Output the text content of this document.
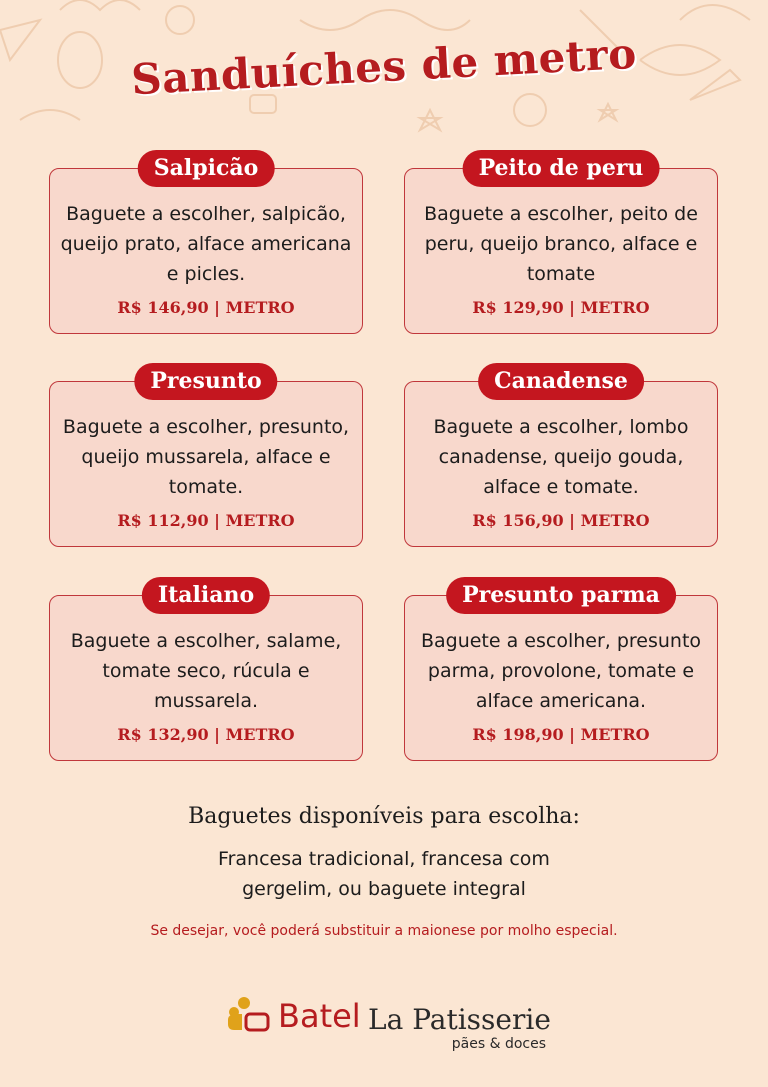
Sanduíches de metro
Salpicão
Baguete a escolher, salpicão, queijo prato, alface americana e picles.
R$ 146,90 | METRO
Peito de peru
Baguete a escolher, peito de peru, queijo branco, alface e tomate
R$ 129,90 | METRO
Presunto
Baguete a escolher, presunto, queijo mussarela, alface e tomate.
R$ 112,90 | METRO
Canadense
Baguete a escolher, lombo canadense, queijo gouda, alface e tomate.
R$ 156,90 | METRO
Italiano
Baguete a escolher, salame, tomate seco, rúcula e mussarela.
R$ 132,90 | METRO
Presunto parma
Baguete a escolher, presunto parma, provolone, tomate e alface americana.
R$ 198,90 | METRO
Baguetes disponíveis para escolha:
Francesa tradicional, francesa com gergelim, ou baguete integral
Se desejar, você poderá substituir a maionese por molho especial.
Batel La Patisserie
pães & doces
